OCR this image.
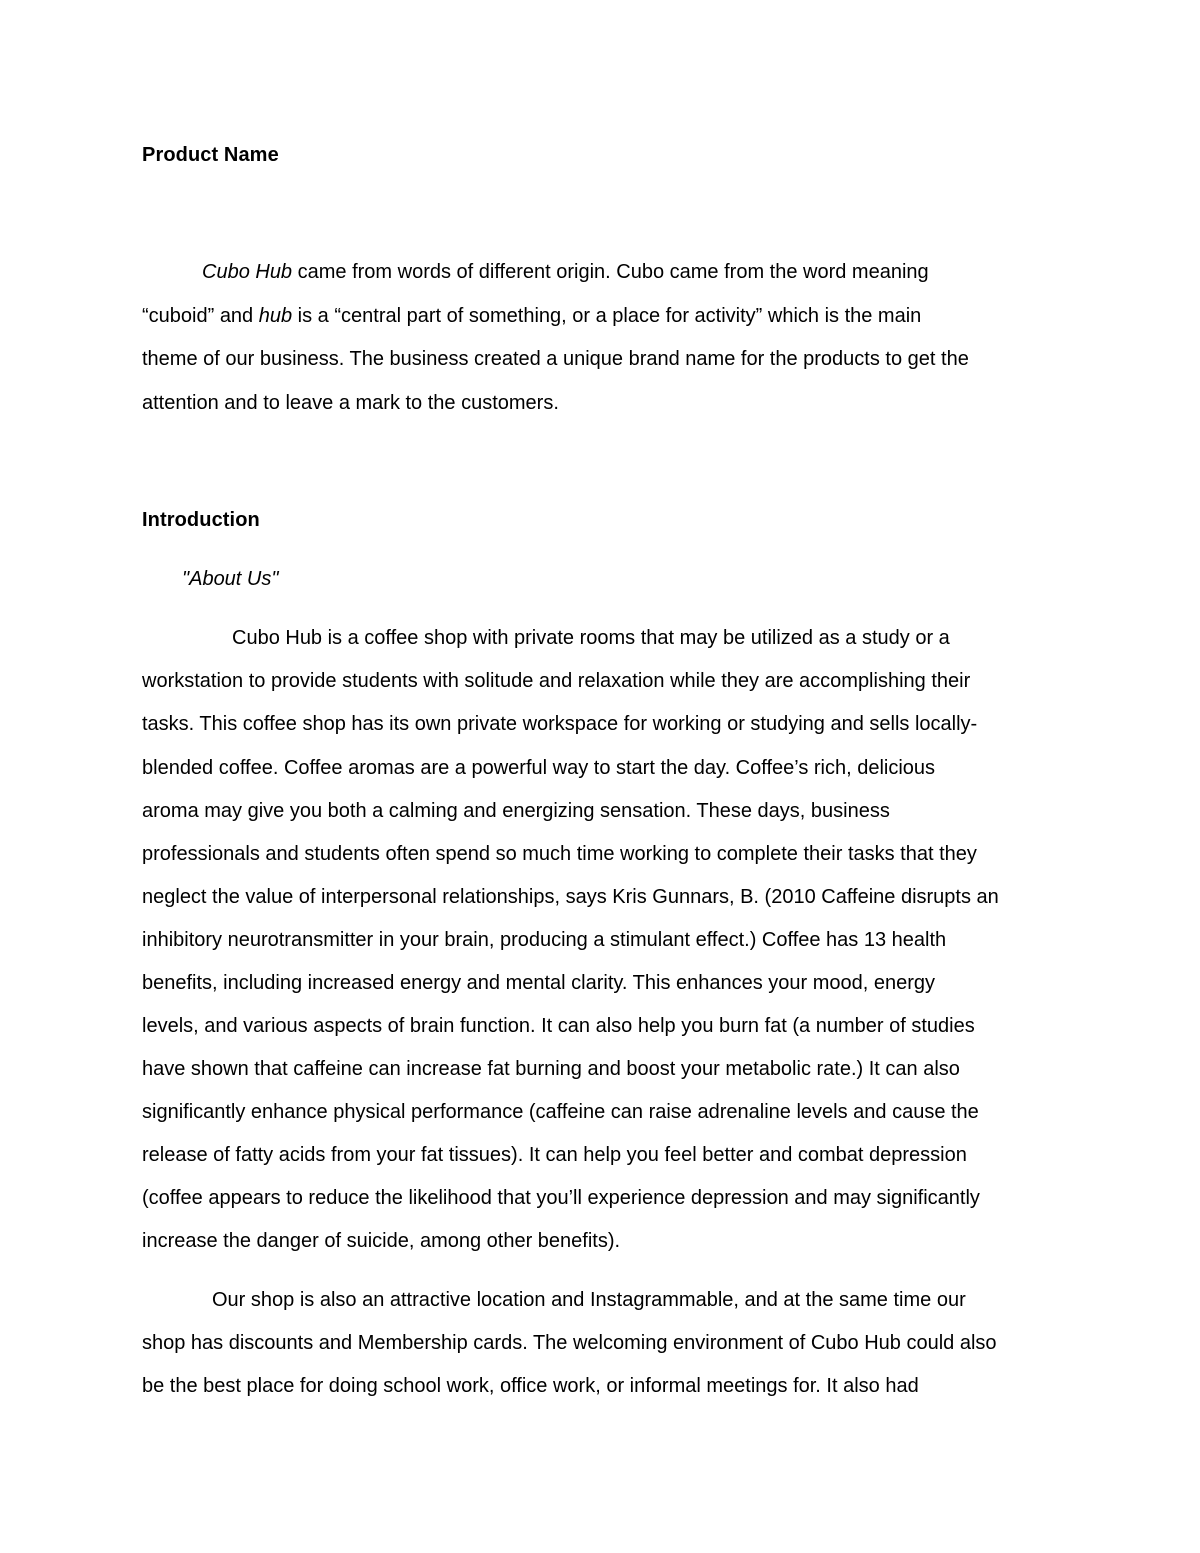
Product Name
Cubo Hub came from words of different origin. Cubo came from the word meaning
“cuboid” and hub is a “central part of something, or a place for activity” which is the main
theme of our business. The business created a unique brand name for the products to get the
attention and to leave a mark to the customers.
Introduction
"About Us"
Cubo Hub is a coffee shop with private rooms that may be utilized as a study or a
workstation to provide students with solitude and relaxation while they are accomplishing their
tasks. This coffee shop has its own private workspace for working or studying and sells locally-
blended coffee. Coffee aromas are a powerful way to start the day. Coffee’s rich, delicious
aroma may give you both a calming and energizing sensation. These days, business
professionals and students often spend so much time working to complete their tasks that they
neglect the value of interpersonal relationships, says Kris Gunnars, B. (2010 Caffeine disrupts an
inhibitory neurotransmitter in your brain, producing a stimulant effect.) Coffee has 13 health
benefits, including increased energy and mental clarity. This enhances your mood, energy
levels, and various aspects of brain function. It can also help you burn fat (a number of studies
have shown that caffeine can increase fat burning and boost your metabolic rate.) It can also
significantly enhance physical performance (caffeine can raise adrenaline levels and cause the
release of fatty acids from your fat tissues). It can help you feel better and combat depression
(coffee appears to reduce the likelihood that you’ll experience depression and may significantly
increase the danger of suicide, among other benefits).
Our shop is also an attractive location and Instagrammable, and at the same time our
shop has discounts and Membership cards. The welcoming environment of Cubo Hub could also
be the best place for doing school work, office work, or informal meetings for. It also had
